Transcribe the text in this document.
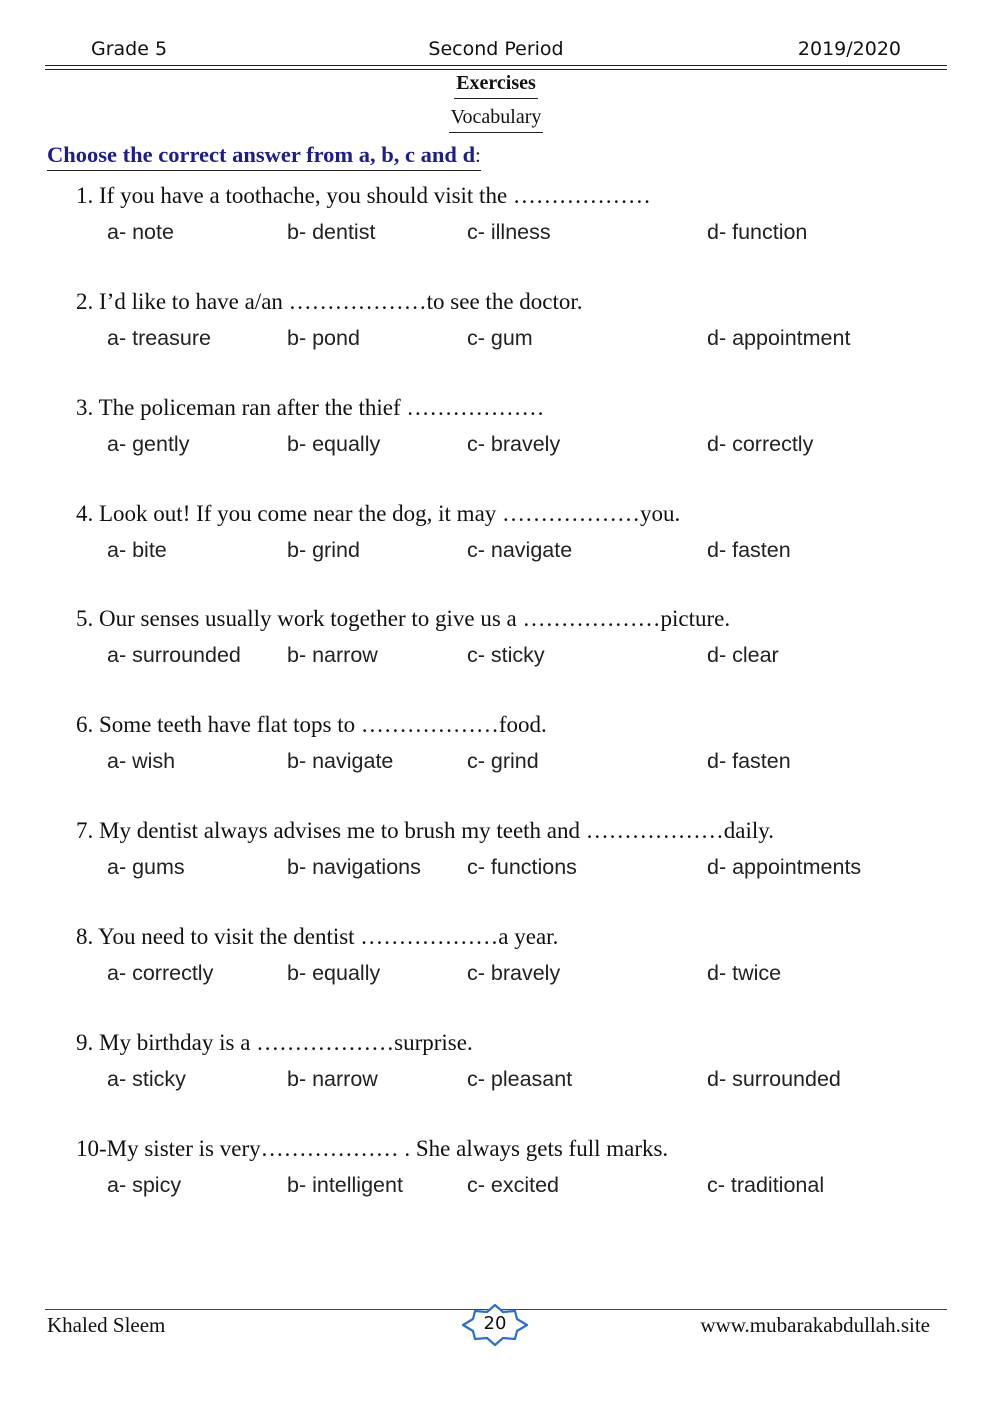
Grade 5	Second Period	2019/2020
Exercises
Vocabulary
Choose the correct answer from a, b, c and d:
1. If you have a toothache, you should visit the ………………
a- note	b- dentist	c- illness	d- function
2. I’d like to have a/an ………………to see the doctor.
a- treasure	b- pond	c- gum	d- appointment
3. The policeman ran after the thief ………………
a- gently	b- equally	c- bravely	d- correctly
4. Look out! If you come near the dog, it may ………………you.
a- bite	b- grind	c- navigate	d- fasten
5. Our senses usually work together to give us a ………………picture.
a- surrounded b- narrow	c- sticky	d- clear
6. Some teeth have flat tops to ………………food.
a- wish	b- navigate	c- grind	d- fasten
7. My dentist always advises me to brush my teeth and ………………daily.
a- gums	b- navigations c- functions	d- appointments
8. You need to visit the dentist ………………a year.
a- correctly	b- equally	c- bravely	d- twice
9. My birthday is a ………………surprise.
a- sticky	b- narrow	c- pleasant	d- surrounded
10-My sister is very……………… . She always gets full marks.
a- spicy	b- intelligent	c- excited	c- traditional
Khaled Sleem	20	www.mubarakabdullah.site
